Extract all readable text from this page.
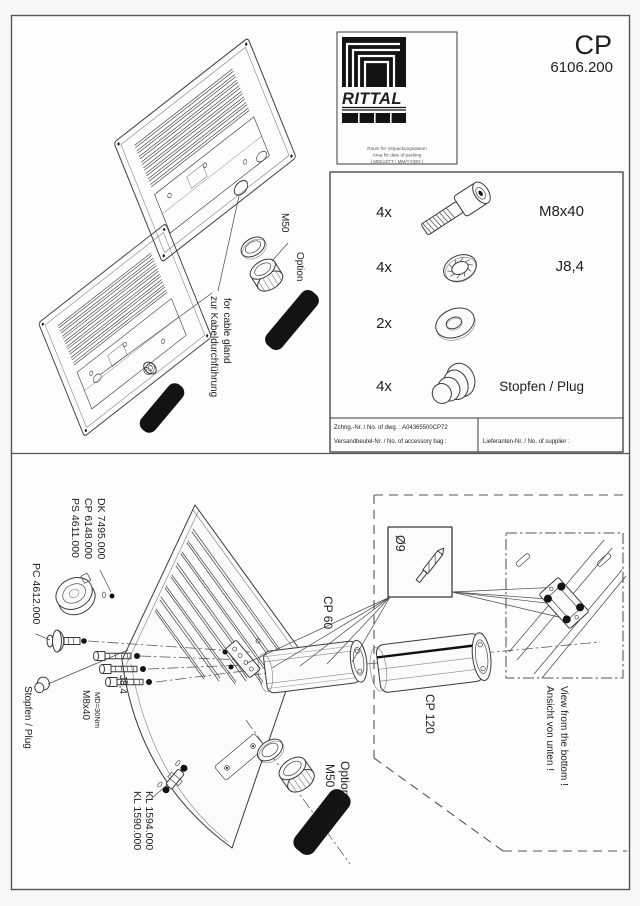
M50
Option
zur Kabeldurchführung for cable gland
RITTAL
Raum für Verpackungsdatum
Area for date of packing
( MM/JJ/TT / MM/YY/DD )
CP
6106.200
4x	M8x40
4x	J8,4
2x
4x	Stopfen / Plug
Zchng.-Nr. / No. of dwg. : A04365500CP72
Versandbeutel-Nr. / No. of accessory bag :	Lieferanten-Nr. / No. of supplier :
Ø9
PS 4611.000 CP 6148.000 DK 7495.000
PC 4612.000
Stopfen / Plug	M8x40 MD=30Nm
J8,4
KL 1590.000 KL 1594.000
CP 60
CP 120
M50 Option
Ansicht von unten ! View from the bottom !
